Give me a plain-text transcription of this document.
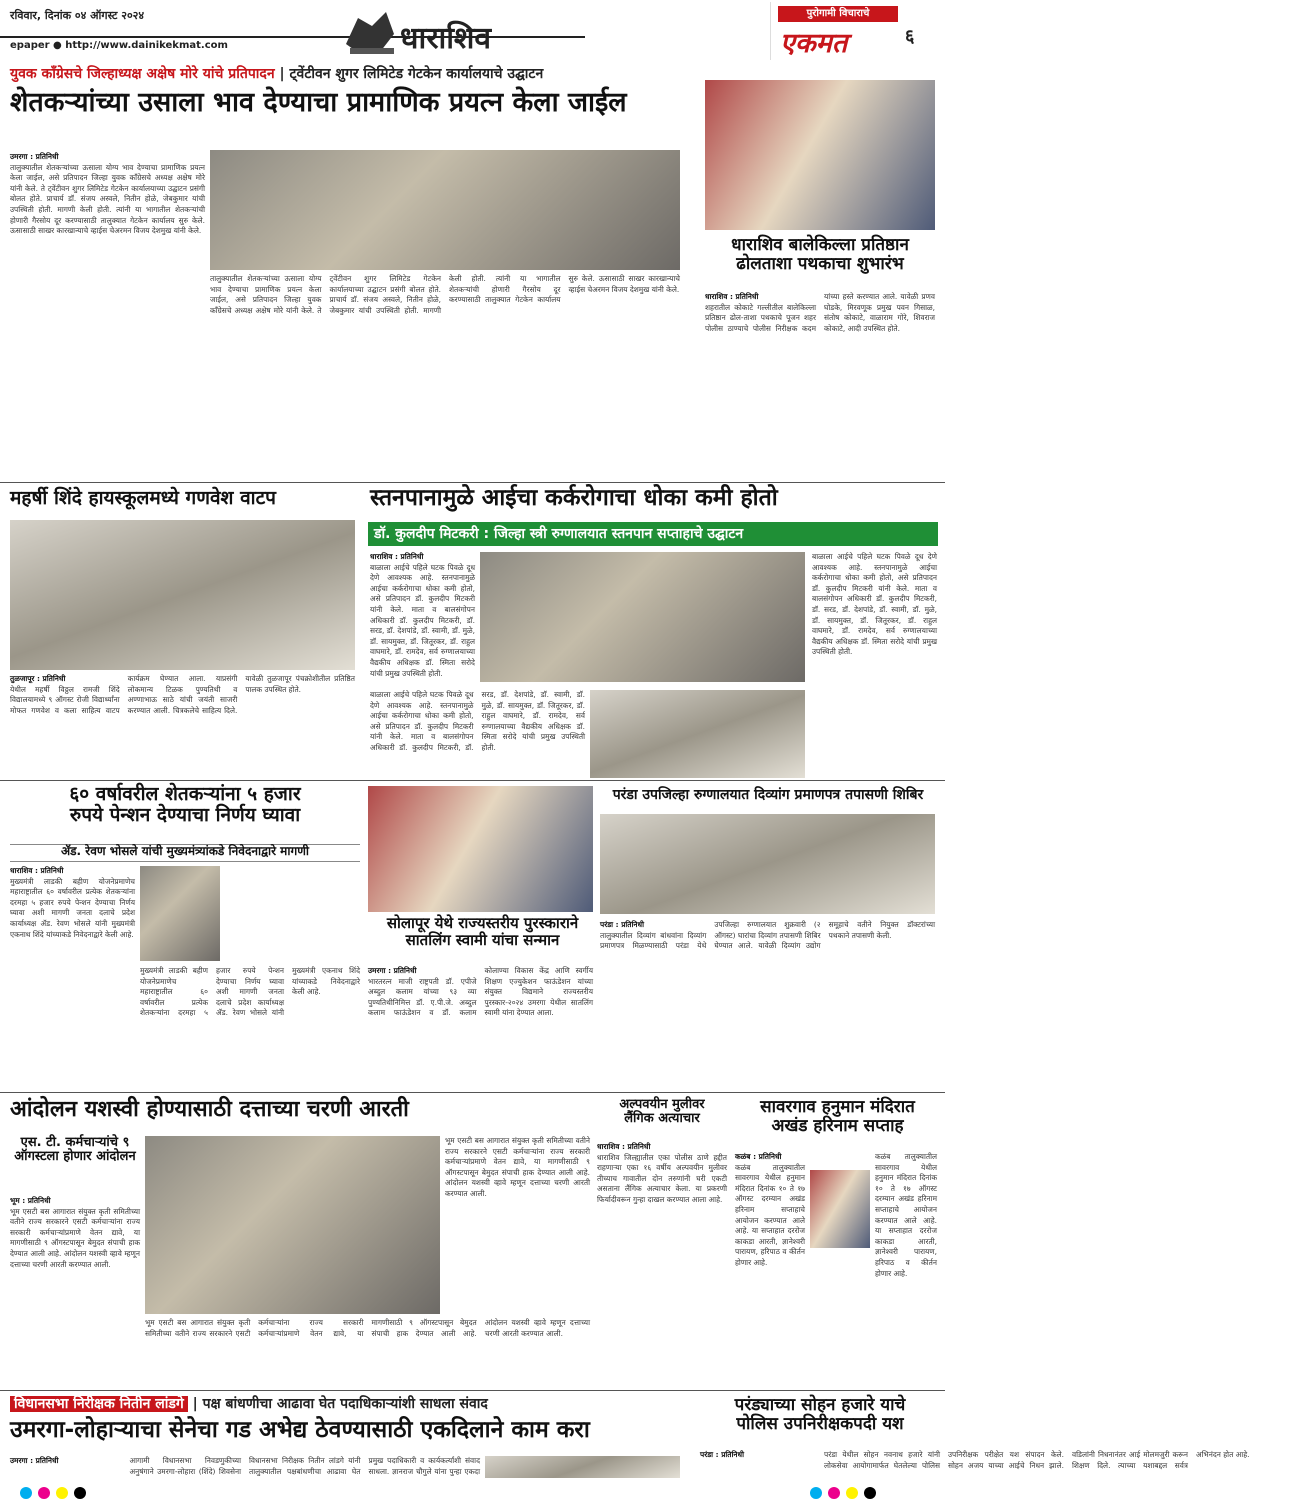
रविवार, दिनांक ०४ ऑगस्ट २०२४
epaper ● http://www.dainikekmat.com	धाराशिव
पुरोगामी विचाराचे
एकमत	६
युवक काँग्रेसचे जिल्हाध्यक्ष अक्षेष मोरे यांचे प्रतिपादन | ट्वेंटीवन शुगर लिमिटेड गेटकेन कार्यालयाचे उद्घाटन
शेतकऱ्यांच्या उसाला भाव देण्याचा प्रामाणिक प्रयत्न केला जाईल
उमरगा : प्रतिनिधी
तालुक्यातील शेतकऱ्यांच्या ऊसाला योग्य भाव देण्याचा प्रामाणिक प्रयत्न केला जाईल, असे प्रतिपादन जिल्हा युवक काँग्रेसचे अध्यक्ष अक्षेष मोरे यांनी केले. ते ट्वेंटीवन शुगर लिमिटेड गेटकेन कार्यालयाच्या उद्घाटन प्रसंगी बोलत होते. प्राचार्य डॉ. संजय अस्वले, नितीन होळे, जेबकुमार यांची उपस्थिती होती. मागणी केली होती. त्यांनी या भागातील शेतकऱ्यांची होणारी गैरसोय दूर करण्यासाठी तालुक्यात गेटकेन कार्यालय सुरु केले. ऊसासाठी साखर कारखान्याचे व्हाईस चेअरमन विजय देशमुख यांनी केले.
तालुक्यातील शेतकऱ्यांच्या ऊसाला योग्य भाव देण्याचा प्रामाणिक प्रयत्न केला जाईल, असे प्रतिपादन जिल्हा युवक काँग्रेसचे अध्यक्ष अक्षेष मोरे यांनी केले. ते ट्वेंटीवन शुगर लिमिटेड गेटकेन कार्यालयाच्या उद्घाटन प्रसंगी बोलत होते. प्राचार्य डॉ. संजय अस्वले, नितीन होळे, जेबकुमार यांची उपस्थिती होती. मागणी केली होती. त्यांनी या भागातील शेतकऱ्यांची होणारी गैरसोय दूर करण्यासाठी तालुक्यात गेटकेन कार्यालय सुरु केले. ऊसासाठी साखर कारखान्याचे व्हाईस चेअरमन विजय देशमुख यांनी केले.
धाराशिव बालेकिल्ला प्रतिष्ठान
ढोलताशा पथकाचा शुभारंभ
धाराशिव : प्रतिनिधी
शहरातील कोकाटे गल्लीतील बालेकिल्ला प्रतिष्ठान ढोल-ताशा पथकाचे पूजन शहर पोलीस ठाण्याचे पोलीस निरीक्षक कदम यांच्या हस्ते करण्यात आले. यावेळी प्रणव घोडके, मिरवणूक प्रमुख पवन गिसाळ, संतोष कोकाटे, वाळाराम गोरे, शिवराज कोकाटे, आदी उपस्थित होते.
महर्षी शिंदे हायस्कूलमध्ये गणवेश वाटप
तुळजापूर : प्रतिनिधी
येथील महर्षी विठ्ठल रामजी शिंदे विद्यालयामध्ये ९ ऑगस्ट रोजी विद्यार्थ्यांना मोफत गणवेश व कला साहित्य वाटप कार्यक्रम घेण्यात आला. याप्रसंगी लोकमान्य टिळक पुण्यतिथी व अण्णाभाऊ साठे यांची जयंती साजरी करण्यात आली. चित्रकलेचे साहित्य दिले. यावेळी तुळजापूर पंचक्रोशीतील प्रतिष्ठित पालक उपस्थित होते.
स्तनपानामुळे आईचा कर्करोगाचा धोका कमी होतो
डॉ. कुलदीप मिटकरी : जिल्हा स्त्री रुग्णालयात स्तनपान सप्ताहाचे उद्घाटन
धाराशिव : प्रतिनिधी
बाळाला आईचे पहिले घटक पिवळे दूध देणे आवश्यक आहे. स्तनपानामुळे आईचा कर्करोगाचा धोका कमी होतो, असे प्रतिपादन डॉ. कुलदीप मिटकरी यांनी केले. माता व बालसंगोपन अधिकारी डॉ. कुलदीप मिटकरी, डॉ. सरड, डॉ. देशपांडे, डॉ. स्वामी, डॉ. मुळे, डॉ. सायमुक्त, डॉ. जितूरकर, डॉ. राहुल वाघमारे, डॉ. रामदेव, सर्व रुग्णालयाच्या वैद्यकीय अधिक्षक डॉ. स्मिता सरोदे यांची प्रमुख उपस्थिती होती.
बाळाला आईचे पहिले घटक पिवळे दूध देणे आवश्यक आहे. स्तनपानामुळे आईचा कर्करोगाचा धोका कमी होतो, असे प्रतिपादन डॉ. कुलदीप मिटकरी यांनी केले. माता व बालसंगोपन अधिकारी डॉ. कुलदीप मिटकरी, डॉ. सरड, डॉ. देशपांडे, डॉ. स्वामी, डॉ. मुळे, डॉ. सायमुक्त, डॉ. जितूरकर, डॉ. राहुल वाघमारे, डॉ. रामदेव, सर्व रुग्णालयाच्या वैद्यकीय अधिक्षक डॉ. स्मिता सरोदे यांची प्रमुख उपस्थिती होती.
बाळाला आईचे पहिले घटक पिवळे दूध देणे आवश्यक आहे. स्तनपानामुळे आईचा कर्करोगाचा धोका कमी होतो, असे प्रतिपादन डॉ. कुलदीप मिटकरी यांनी केले. माता व बालसंगोपन अधिकारी डॉ. कुलदीप मिटकरी, डॉ. सरड, डॉ. देशपांडे, डॉ. स्वामी, डॉ. मुळे, डॉ. सायमुक्त, डॉ. जितूरकर, डॉ. राहुल वाघमारे, डॉ. रामदेव, सर्व रुग्णालयाच्या वैद्यकीय अधिक्षक डॉ. स्मिता सरोदे यांची प्रमुख उपस्थिती होती.
६० वर्षावरील शेतकऱ्यांना ५ हजार
रुपये पेन्शन देण्याचा निर्णय घ्यावा
ॲड. रेवण भोसले यांची मुख्यमंत्र्यांकडे निवेदनाद्वारे मागणी
धाराशिव : प्रतिनिधी
मुख्यमंत्री लाडकी बहीण योजनेप्रमाणेच महाराष्ट्रातील ६० वर्षावरील प्रत्येक शेतकऱ्यांना दरमहा ५ हजार रुपये पेन्शन देण्याचा निर्णय घ्यावा अशी मागणी जनता दलाचे प्रदेश कार्याध्यक्ष ॲड. रेवण भोसले यांनी मुख्यमंत्री एकनाथ शिंदे यांच्याकडे निवेदनाद्वारे केली आहे.
मुख्यमंत्री लाडकी बहीण योजनेप्रमाणेच महाराष्ट्रातील ६० वर्षावरील प्रत्येक शेतकऱ्यांना दरमहा ५ हजार रुपये पेन्शन देण्याचा निर्णय घ्यावा अशी मागणी जनता दलाचे प्रदेश कार्याध्यक्ष ॲड. रेवण भोसले यांनी मुख्यमंत्री एकनाथ शिंदे यांच्याकडे निवेदनाद्वारे केली आहे.
सोलापूर येथे राज्यस्तरीय पुरस्काराने
सातलिंग स्वामी यांचा सन्मान
उमरगा : प्रतिनिधी
भारतरत्न माजी राष्ट्रपती डॉ. एपीजे अब्दुल कलाम यांच्या ९३ व्या पुण्यतिथीनिमित्त डॉ. ए.पी.जे. अब्दुल कलाम फाऊंडेशन व डॉ. कलाम कोलाण्या विकास केंद्र आणि स्वर्गीय शिक्षण एज्युकेशन फाऊंडेशन यांच्या संयुक्त विद्यमाने राज्यस्तरीय पुरस्कार-२०२४ उमरगा येथील सातलिंग स्वामी यांना देण्यात आला.
परंडा उपजिल्हा रुग्णालयात दिव्यांग प्रमाणपत्र तपासणी शिबिर
परंडा : प्रतिनिधी
तालुक्यातील दिव्यांग बांधवांना दिव्यांग प्रमाणपत्र मिळण्यासाठी परंडा येथे उपजिल्हा रुग्णालयात शुक्रवारी (२ ऑगस्ट) घारांचा दिव्यांग तपासणी शिबिर घेण्यात आले. यावेळी दिव्यांग उद्योग समूहाचे वतीने नियुक्त डॉक्टरांच्या पथकाने तपासणी केली.
आंदोलन यशस्वी होण्यासाठी दत्ताच्या चरणी आरती
एस. टी. कर्मचाऱ्यांचे ९ ऑगस्टला होणार आंदोलन
भूम : प्रतिनिधी
भूम एसटी बस आगारात संयुक्त कृती समितीच्या वतीने राज्य सरकारने एसटी कर्मचाऱ्यांना राज्य सरकारी कर्मचाऱ्यांप्रमाणे वेतन द्यावे, या मागणीसाठी ९ ऑगस्टपासून बेमुदत संपाची हाक देण्यात आली आहे. आंदोलन यशस्वी व्हावे म्हणून दत्ताच्या चरणी आरती करण्यात आली.
भूम एसटी बस आगारात संयुक्त कृती समितीच्या वतीने राज्य सरकारने एसटी कर्मचाऱ्यांना राज्य सरकारी कर्मचाऱ्यांप्रमाणे वेतन द्यावे, या मागणीसाठी ९ ऑगस्टपासून बेमुदत संपाची हाक देण्यात आली आहे. आंदोलन यशस्वी व्हावे म्हणून दत्ताच्या चरणी आरती करण्यात आली.
भूम एसटी बस आगारात संयुक्त कृती समितीच्या वतीने राज्य सरकारने एसटी कर्मचाऱ्यांना राज्य सरकारी कर्मचाऱ्यांप्रमाणे वेतन द्यावे, या मागणीसाठी ९ ऑगस्टपासून बेमुदत संपाची हाक देण्यात आली आहे. आंदोलन यशस्वी व्हावे म्हणून दत्ताच्या चरणी आरती करण्यात आली.
अल्पवयीन मुलीवर
लैंगिक अत्याचार
धाराशिव : प्रतिनिधी
धाराशिव जिल्ह्यातील एका पोलीस ठाणे हद्दीत राहणाऱ्या एका १६ वर्षीय अल्पवयीन मुलीवर तीच्याच गावातील दोन तरुणांनी घरी एकटी असताना लैंगिक अत्याचार केला. या प्रकरणी फिर्यादीवरून गुन्हा दाखल करण्यात आला आहे.
सावरगाव हनुमान मंदिरात
अखंड हरिनाम सप्ताह
कळंब : प्रतिनिधी
कळंब तालुक्यातील सावरगाव येथील हनुमान मंदिरात दिनांक १० ते १७ ऑगस्ट दरम्यान अखंड हरिनाम सप्ताहाचे आयोजन करण्यात आले आहे. या सप्ताहात दररोज काकडा आरती, ज्ञानेश्वरी पारायण, हरिपाठ व कीर्तन होणार आहे.
कळंब तालुक्यातील सावरगाव येथील हनुमान मंदिरात दिनांक १० ते १७ ऑगस्ट दरम्यान अखंड हरिनाम सप्ताहाचे आयोजन करण्यात आले आहे. या सप्ताहात दररोज काकडा आरती, ज्ञानेश्वरी पारायण, हरिपाठ व कीर्तन होणार आहे.
विधानसभा निरीक्षक नितीन लांडगे | पक्ष बांधणीचा आढावा घेत पदाधिकाऱ्यांशी साधला संवाद
उमरगा-लोहाऱ्याचा सेनेचा गड अभेद्य ठेवण्यासाठी एकदिलाने काम करा
उमरगा : प्रतिनिधी	आगामी विधानसभा निवडणुकीच्या अनुषंगाने उमरगा-लोहारा (शिंदे) शिवसेना विधानसभा निरीक्षक नितीन लांडगे यांनी तालुक्यातील पक्षबांधणीचा आढावा घेत प्रमुख पदाधिकारी व कार्यकर्त्यांशी संवाद साधला. ज्ञानराज चौगुले यांना पुन्हा एकदा
परंड्याच्या सोहन हजारे याचे
पोलिस उपनिरीक्षकपदी यश
परंडा : प्रतिनिधी	परंडा येथील सोहन नवनाथ हजारे यांनी लोकसेवा आयोगामार्फत घेतलेल्या पोलिस उपनिरीक्षक परीक्षेत यश संपादन केले. सोहन अजय याच्या आईचे निधन झाले. वडिलांनी निधनानंतर आई मोलमजुरी करून शिक्षण दिले. त्याच्या यशाबद्दल सर्वत्र अभिनंदन होत आहे.
